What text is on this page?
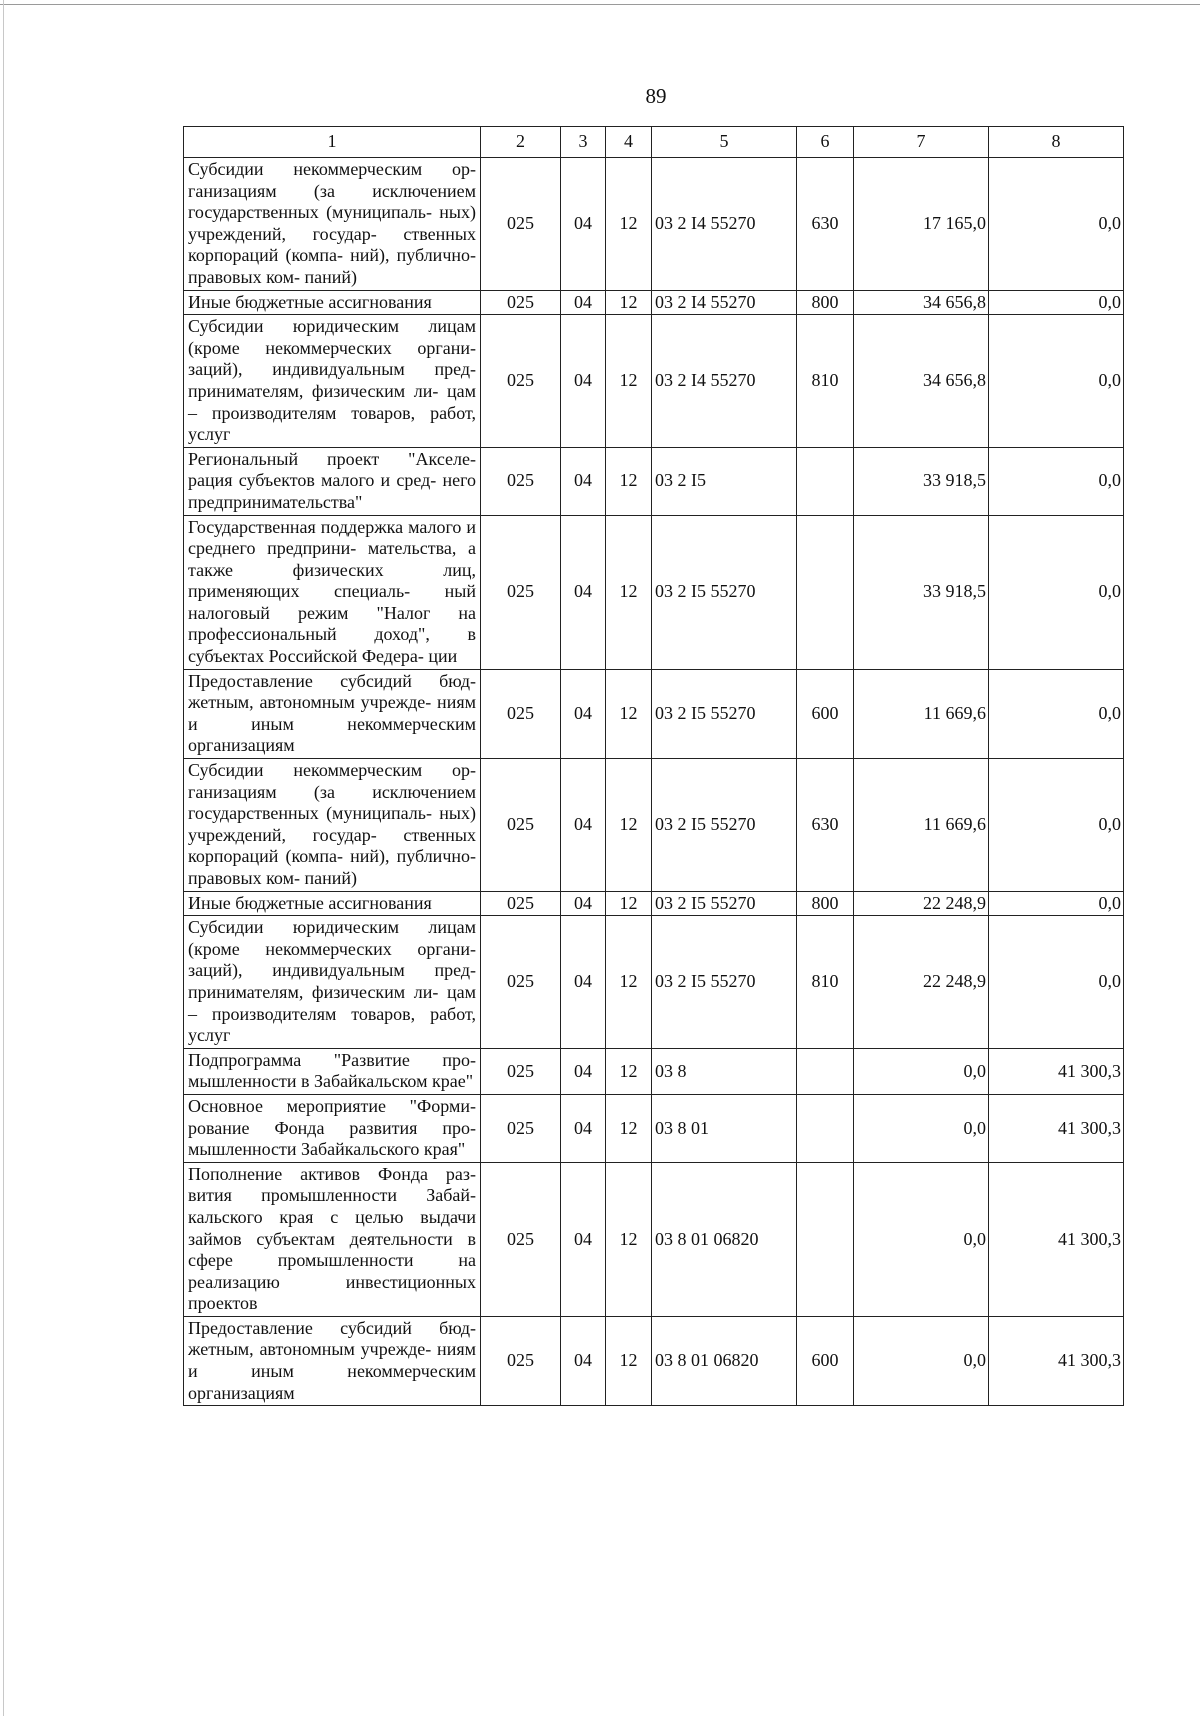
89
1	2	3	4	5	6	7	8
Субсидии некоммерческим ор- ганизациям (за исключением государственных (муниципаль- ных) учреждений, государ- ственных корпораций (компа- ний), публично-правовых ком- паний)	025	04	12	03 2 I4 55270	630	17 165,0	0,0
Иные бюджетные ассигнования	025	04	12	03 2 I4 55270	800	34 656,8	0,0
Субсидии юридическим лицам (кроме некоммерческих органи- заций), индивидуальным пред- принимателям, физическим ли- цам – производителям товаров, работ, услуг	025	04	12	03 2 I4 55270	810	34 656,8	0,0
Региональный проект "Акселе- рация субъектов малого и сред- него предпринимательства"	025	04	12	03 2 I5		33 918,5	0,0
Государственная поддержка малого и среднего предприни- мательства, а также физических лиц, применяющих специаль- ный налоговый режим "Налог на профессиональный доход", в субъектах Российской Федера- ции	025	04	12	03 2 I5 55270		33 918,5	0,0
Предоставление субсидий бюд- жетным, автономным учрежде- ниям и иным некоммерческим организациям	025	04	12	03 2 I5 55270	600	11 669,6	0,0
Субсидии некоммерческим ор- ганизациям (за исключением государственных (муниципаль- ных) учреждений, государ- ственных корпораций (компа- ний), публично-правовых ком- паний)	025	04	12	03 2 I5 55270	630	11 669,6	0,0
Иные бюджетные ассигнования	025	04	12	03 2 I5 55270	800	22 248,9	0,0
Субсидии юридическим лицам (кроме некоммерческих органи- заций), индивидуальным пред- принимателям, физическим ли- цам – производителям товаров, работ, услуг	025	04	12	03 2 I5 55270	810	22 248,9	0,0
Подпрограмма "Развитие про- мышленности в Забайкальском крае"	025	04	12	03 8		0,0	41 300,3
Основное мероприятие "Форми- рование Фонда развития про- мышленности Забайкальского края"	025	04	12	03 8 01		0,0	41 300,3
Пополнение активов Фонда раз- вития промышленности Забай- кальского края с целью выдачи займов субъектам деятельности в сфере промышленности на реализацию инвестиционных проектов	025	04	12	03 8 01 06820		0,0	41 300,3
Предоставление субсидий бюд- жетным, автономным учрежде- ниям и иным некоммерческим организациям	025	04	12	03 8 01 06820	600	0,0	41 300,3
